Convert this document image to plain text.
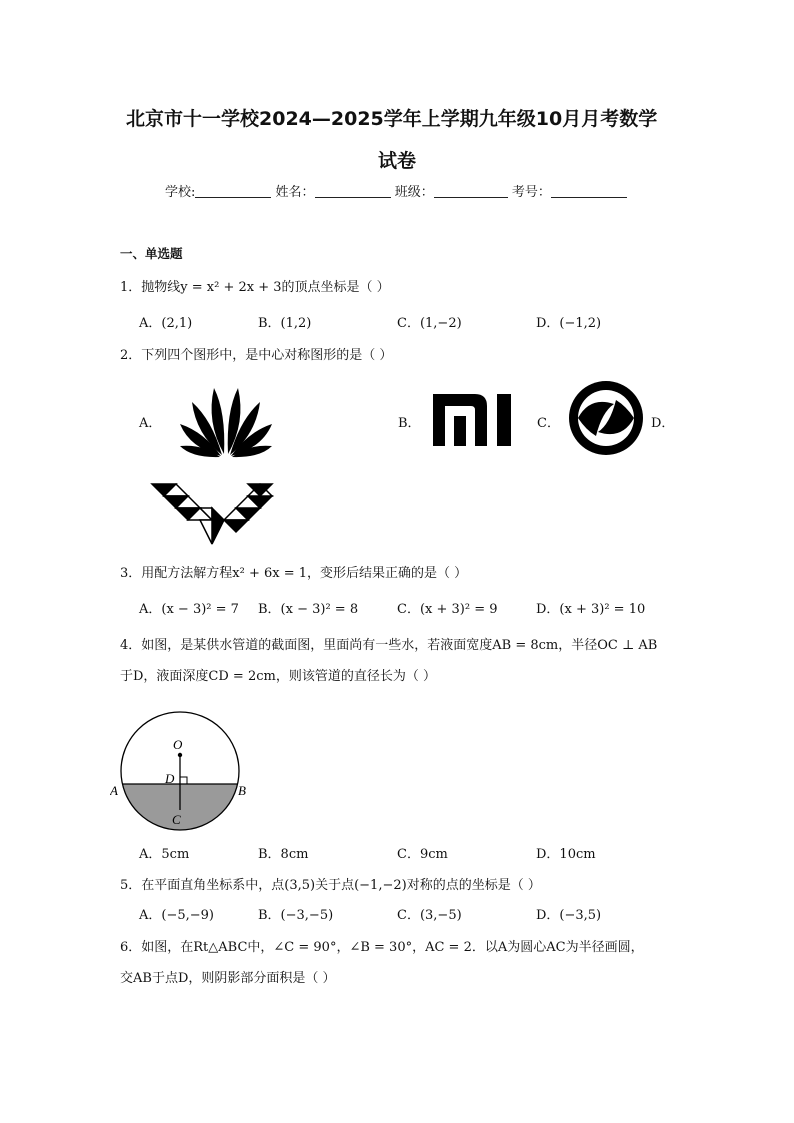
北京市十一学校2024—2025学年上学期九年级10月月考数学
试卷
学校:	姓名：	班级：	考号：
一、单选题
1．抛物线y = x² + 2x + 3的顶点坐标是（ ）
A．(2,1)	B．(1,2)	C．(1,−2)	D．(−1,2)
2．下列四个图形中，是中心对称图形的是（ ）
A．	B．	C．	D．
3．用配方法解方程x² + 6x = 1，变形后结果正确的是（ ）
A．(x − 3)² = 7 B．(x − 3)² = 8	C．(x + 3)² = 9	D．(x + 3)² = 10
4．如图，是某供水管道的截面图，里面尚有一些水，若液面宽度AB = 8cm，半径OC ⊥ AB
于D，液面深度CD = 2cm，则该管道的直径长为（ ）
O
D
A	B
C
A．5cm	B．8cm	C．9cm	D．10cm
5．在平面直角坐标系中，点(3,5)关于点(−1,−2)对称的点的坐标是（ ）
A．(−5,−9)	B．(−3,−5)	C．(3,−5)	D．(−3,5)
6．如图，在Rt△ABC中，∠C = 90°，∠B = 30°，AC = 2．以A为圆心AC为半径画圆，
交AB于点D，则阴影部分面积是（ ）
